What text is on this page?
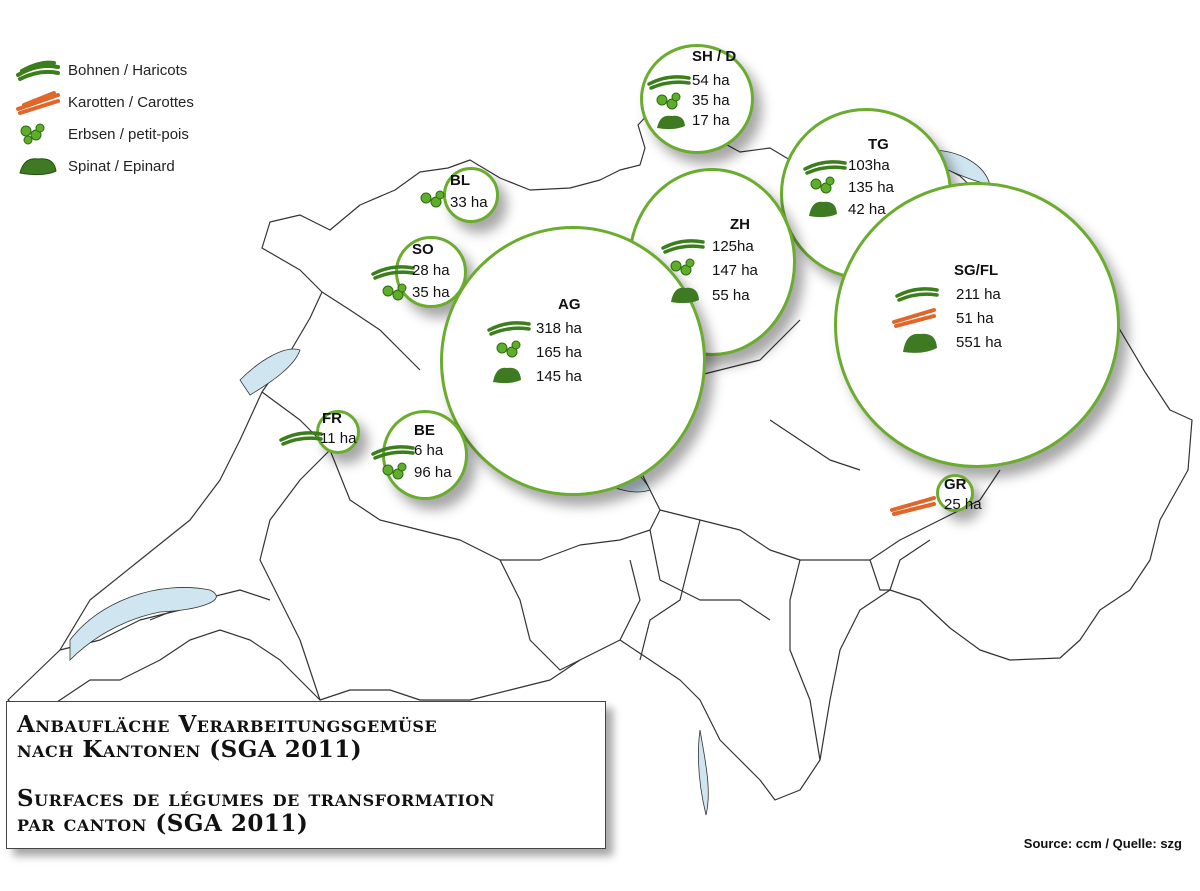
Bohnen / Haricots
Karotten / Carottes
Erbsen / petit-pois
Spinat / Epinard
SH / D
54 ha
35 ha
17 ha
BL
33 ha
SO
28 ha
35 ha
AG
318 ha
165 ha
145 ha
ZH
125ha
147 ha
55 ha
TG
103ha
135 ha
42 ha
SG/FL
211 ha
51 ha
551 ha
FR
11 ha	BE
6 ha
96 ha
GR
25 ha
Anbaufläche Verarbeitungsgemüse
nach Kantonen (SGA 2011)
Surfaces de légumes de transformation
par canton (SGA 2011)
Source: ccm / Quelle: szg
